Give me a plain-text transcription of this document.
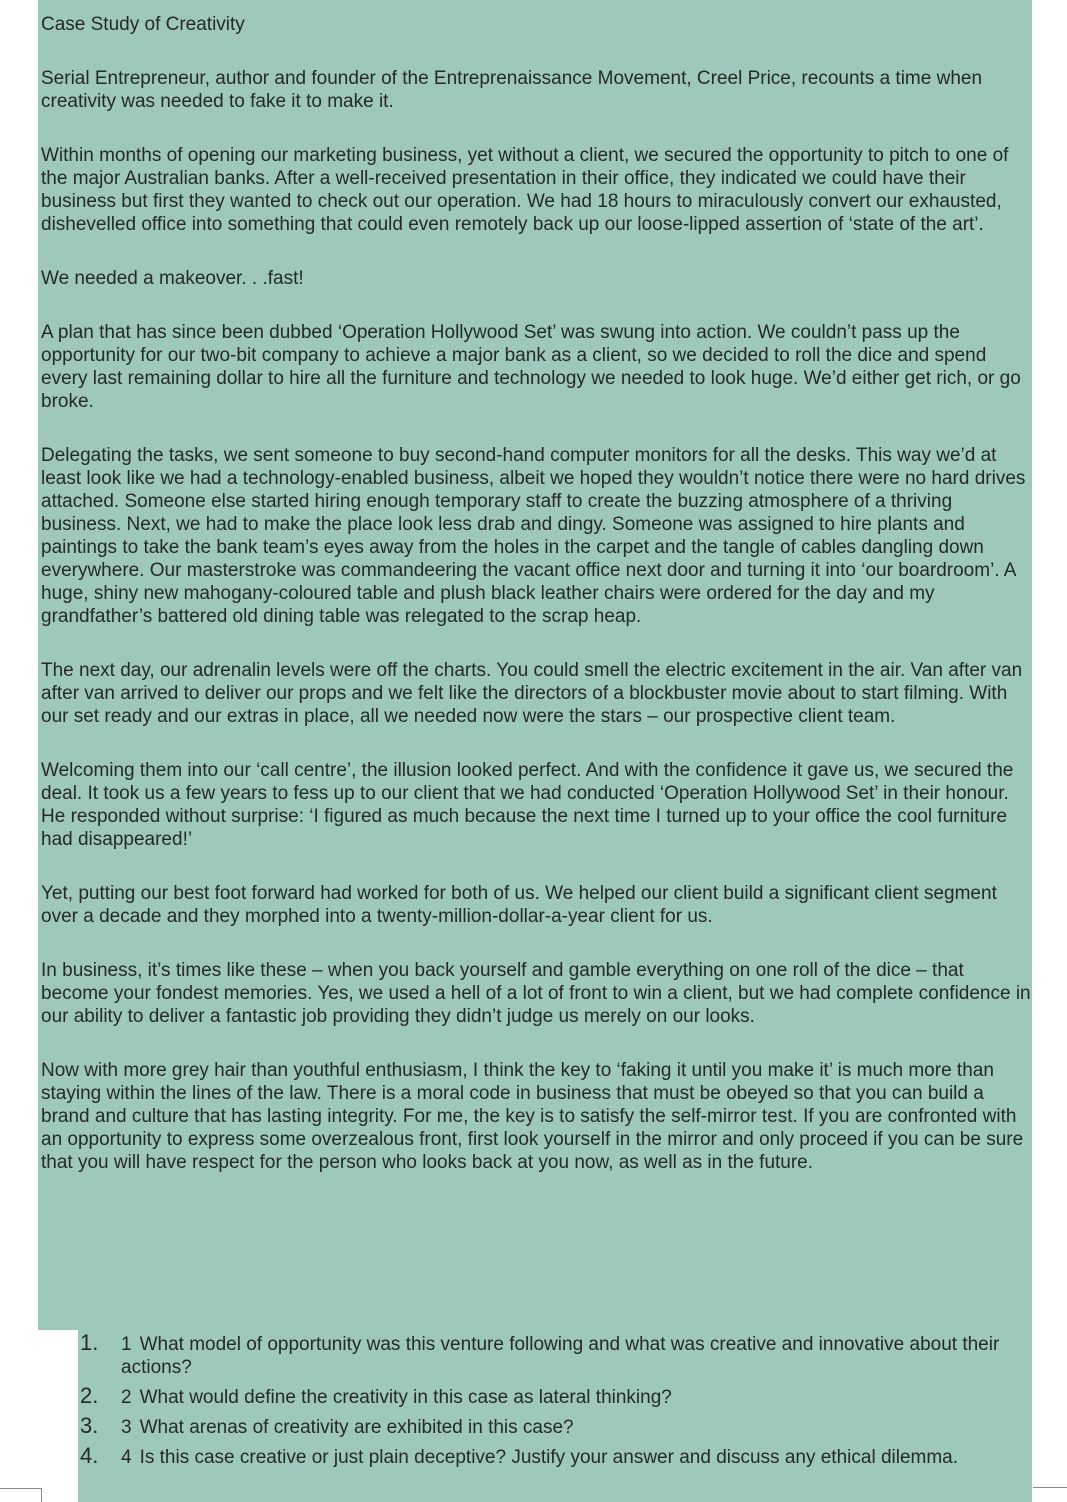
Case Study of Creativity

Serial Entrepreneur, author and founder of the Entreprenaissance Movement, Creel Price, recounts a time when creativity was needed to fake it to make it.

Within months of opening our marketing business, yet without a client, we secured the opportunity to pitch to one of the major Australian banks. After a well-received presentation in their office, they indicated we could have their business but first they wanted to check out our operation. We had 18 hours to miraculously convert our exhausted, dishevelled office into something that could even remotely back up our loose-lipped assertion of ‘state of the art’.

We needed a makeover. . .fast!

A plan that has since been dubbed ‘Operation Hollywood Set’ was swung into action. We couldn’t pass up the opportunity for our two-bit company to achieve a major bank as a client, so we decided to roll the dice and spend every last remaining dollar to hire all the furniture and technology we needed to look huge. We’d either get rich, or go broke.

Delegating the tasks, we sent someone to buy second-hand computer monitors for all the desks. This way we’d at least look like we had a technology-enabled business, albeit we hoped they wouldn’t notice there were no hard drives attached. Someone else started hiring enough temporary staff to create the buzzing atmosphere of a thriving business. Next, we had to make the place look less drab and dingy. Someone was assigned to hire plants and paintings to take the bank team’s eyes away from the holes in the carpet and the tangle of cables dangling down everywhere. Our masterstroke was commandeering the vacant office next door and turning it into ‘our boardroom’. A huge, shiny new mahogany-coloured table and plush black leather chairs were ordered for the day and my grandfather’s battered old dining table was relegated to the scrap heap.

The next day, our adrenalin levels were off the charts. You could smell the electric excitement in the air. Van after van after van arrived to deliver our props and we felt like the directors of a blockbuster movie about to start filming. With our set ready and our extras in place, all we needed now were the stars – our prospective client team.

Welcoming them into our ‘call centre’, the illusion looked perfect. And with the confidence it gave us, we secured the deal. It took us a few years to fess up to our client that we had conducted ‘Operation Hollywood Set’ in their honour. He responded without surprise: ‘I figured as much because the next time I turned up to your office the cool furniture had disappeared!’

Yet, putting our best foot forward had worked for both of us. We helped our client build a significant client segment over a decade and they morphed into a twenty-million-dollar-a-year client for us.

In business, it’s times like these – when you back yourself and gamble everything on one roll of the dice – that become your fondest memories. Yes, we used a hell of a lot of front to win a client, but we had complete confidence in our ability to deliver a fantastic job providing they didn’t judge us merely on our looks.

Now with more grey hair than youthful enthusiasm, I think the key to ‘faking it until you make it’ is much more than staying within the lines of the law. There is a moral code in business that must be obeyed so that you can build a brand and culture that has lasting integrity. For me, the key is to satisfy the self-mirror test. If you are confronted with an opportunity to express some overzealous front, first look yourself in the mirror and only proceed if you can be sure that you will have respect for the person who looks back at you now, as well as in the future.

1. 1 What model of opportunity was this venture following and what was creative and innovative about their actions?
2. 2 What would define the creativity in this case as lateral thinking?
3. 3 What arenas of creativity are exhibited in this case?
4. 4 Is this case creative or just plain deceptive? Justify your answer and discuss any ethical dilemma.
